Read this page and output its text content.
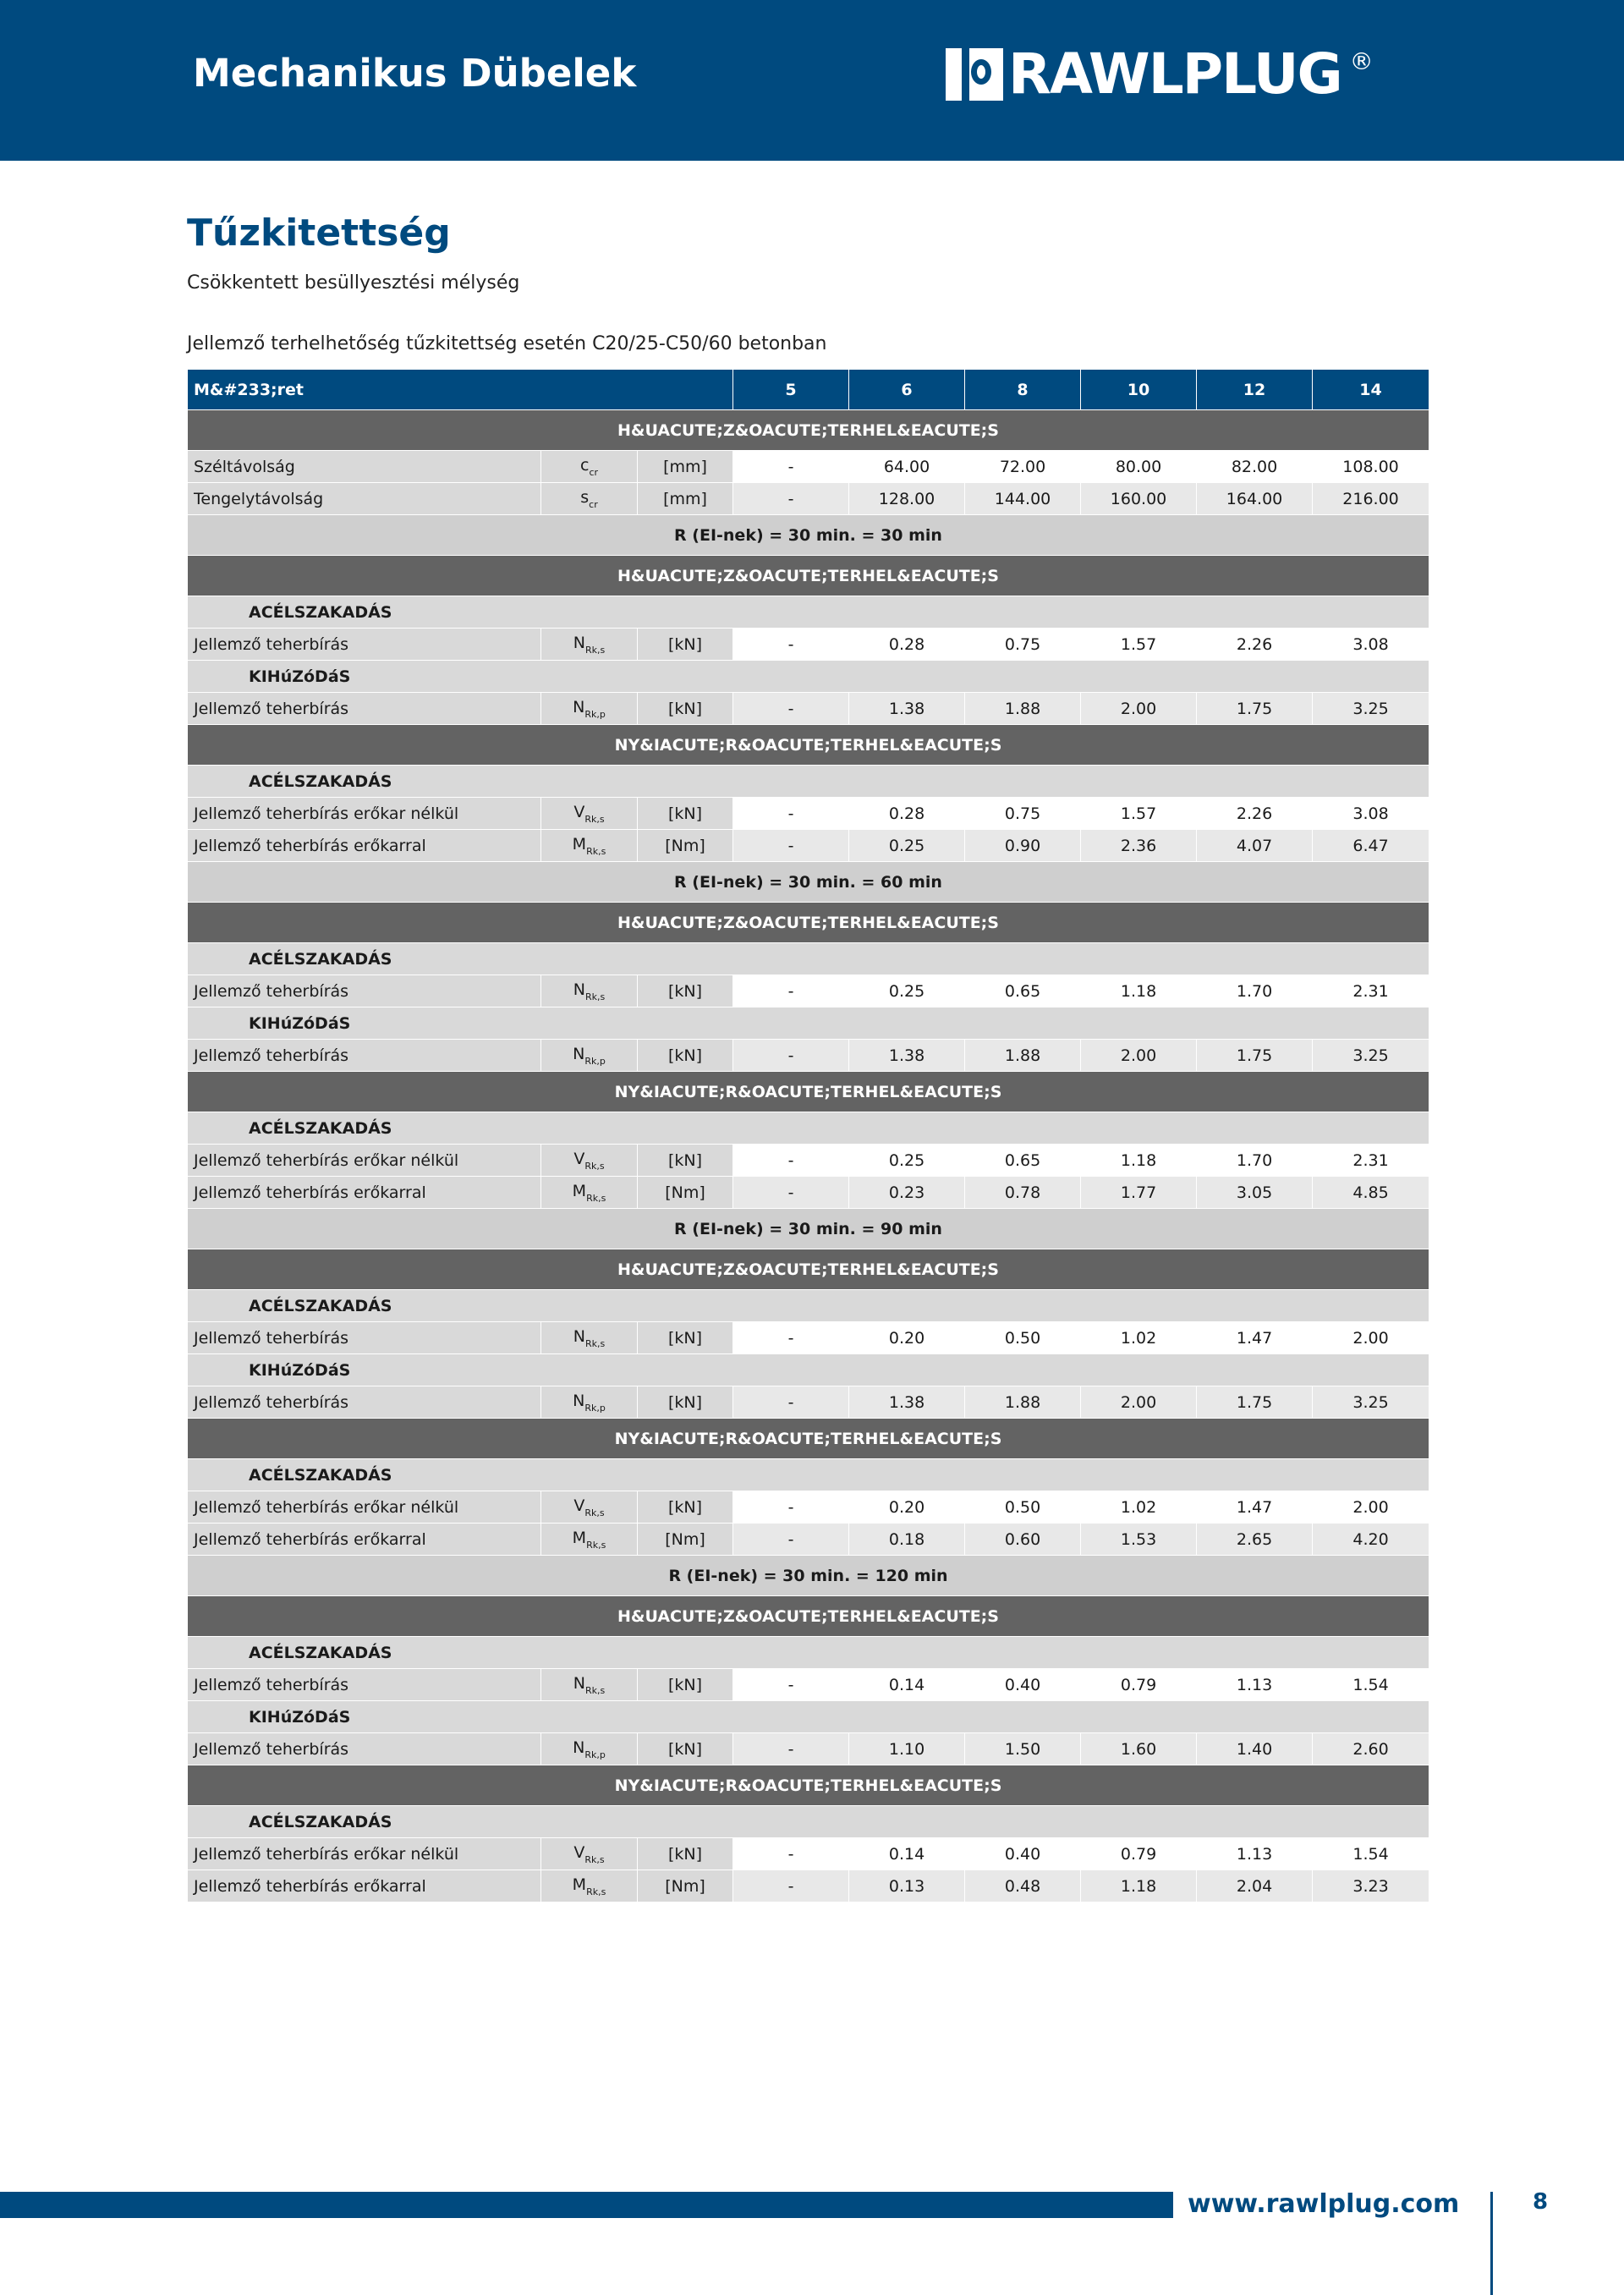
Mechanikus Dübelek	RAWLPLUG ®
Tűzkitettség
Csökkentett besüllyesztési mélység
Jellemző terhelhetőség tűzkitettség esetén C20/25-C50/60 betonban
M&#233;ret			5	6	8	10	12	14
H&UACUTE;Z&OACUTE;TERHEL&EACUTE;S								
Széltávolság	$c_{cr}$	[mm]	-	64.00	72.00	80.00	82.00	108.00
Tengelytávolság	$s_{cr}$	[mm]	-	128.00	144.00	160.00	164.00	216.00
R (EI-nek) = 30 min. = 30 min								
H&UACUTE;Z&OACUTE;TERHEL&EACUTE;S								
ACÉLSZAKADÁS								
Jellemző teherbírás	$N_{Rk,s}$	[kN]	-	0.28	0.75	1.57	2.26	3.08
KIHúZóDáS								
Jellemző teherbírás	$N_{Rk,p}$	[kN]	-	1.38	1.88	2.00	1.75	3.25
NY&IACUTE;R&OACUTE;TERHEL&EACUTE;S								
ACÉLSZAKADÁS								
Jellemző teherbírás erőkar nélkül	$V_{Rk,s}$	[kN]	-	0.28	0.75	1.57	2.26	3.08
Jellemző teherbírás erőkarral	$M_{Rk,s}$	[Nm]	-	0.25	0.90	2.36	4.07	6.47
R (EI-nek) = 30 min. = 60 min								
H&UACUTE;Z&OACUTE;TERHEL&EACUTE;S								
ACÉLSZAKADÁS								
Jellemző teherbírás	$N_{Rk,s}$	[kN]	-	0.25	0.65	1.18	1.70	2.31
KIHúZóDáS								
Jellemző teherbírás	$N_{Rk,p}$	[kN]	-	1.38	1.88	2.00	1.75	3.25
NY&IACUTE;R&OACUTE;TERHEL&EACUTE;S								
ACÉLSZAKADÁS								
Jellemző teherbírás erőkar nélkül	$V_{Rk,s}$	[kN]	-	0.25	0.65	1.18	1.70	2.31
Jellemző teherbírás erőkarral	$M_{Rk,s}$	[Nm]	-	0.23	0.78	1.77	3.05	4.85
R (EI-nek) = 30 min. = 90 min								
H&UACUTE;Z&OACUTE;TERHEL&EACUTE;S								
ACÉLSZAKADÁS								
Jellemző teherbírás	$N_{Rk,s}$	[kN]	-	0.20	0.50	1.02	1.47	2.00
KIHúZóDáS								
Jellemző teherbírás	$N_{Rk,p}$	[kN]	-	1.38	1.88	2.00	1.75	3.25
NY&IACUTE;R&OACUTE;TERHEL&EACUTE;S								
ACÉLSZAKADÁS								
Jellemző teherbírás erőkar nélkül	$V_{Rk,s}$	[kN]	-	0.20	0.50	1.02	1.47	2.00
Jellemző teherbírás erőkarral	$M_{Rk,s}$	[Nm]	-	0.18	0.60	1.53	2.65	4.20
R (EI-nek) = 30 min. = 120 min								
H&UACUTE;Z&OACUTE;TERHEL&EACUTE;S								
ACÉLSZAKADÁS								
Jellemző teherbírás	$N_{Rk,s}$	[kN]	-	0.14	0.40	0.79	1.13	1.54
KIHúZóDáS								
Jellemző teherbírás	$N_{Rk,p}$	[kN]	-	1.10	1.50	1.60	1.40	2.60
NY&IACUTE;R&OACUTE;TERHEL&EACUTE;S								
ACÉLSZAKADÁS								
Jellemző teherbírás erőkar nélkül	$V_{Rk,s}$	[kN]	-	0.14	0.40	0.79	1.13	1.54
Jellemző teherbírás erőkarral	$M_{Rk,s}$	[Nm]	-	0.13	0.48	1.18	2.04	3.23
www.rawlplug.com	8
